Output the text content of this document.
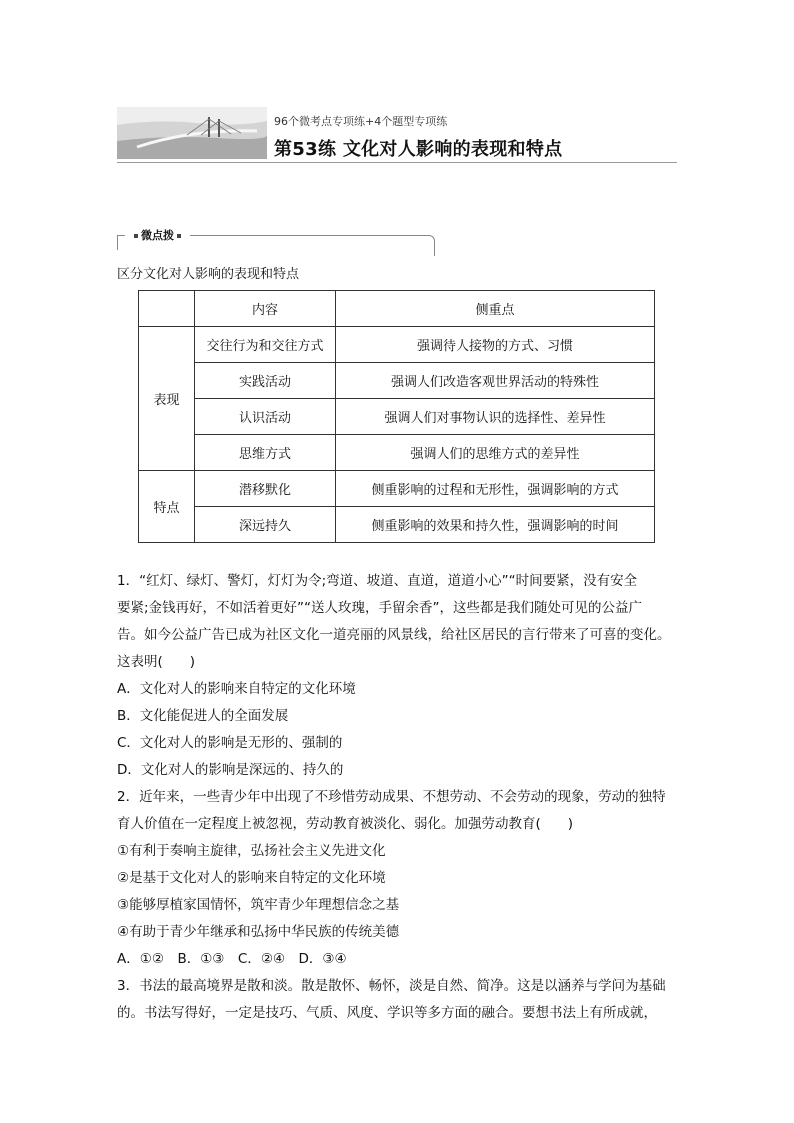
96个微考点专项练+4个题型专项练
第53练 文化对人影响的表现和特点
微点拨
区分文化对人影响的表现和特点
	内容	侧重点
表现	交往行为和交往方式	强调待人接物的方式、习惯
	实践活动	强调人们改造客观世界活动的特殊性
	认识活动	强调人们对事物认识的选择性、差异性
	思维方式	强调人们的思维方式的差异性
特点	潜移默化	侧重影响的过程和无形性，强调影响的方式
	深远持久	侧重影响的效果和持久性，强调影响的时间

1．“红灯、绿灯、警灯，灯灯为令;弯道、坡道、直道，道道小心”“时间要紧，没有安全

要紧;金钱再好，不如活着更好”“送人玫瑰，手留余香”，这些都是我们随处可见的公益广

告。如今公益广告已成为社区文化一道亮丽的风景线，给社区居民的言行带来了可喜的变化。

这表明(　　)

A．文化对人的影响来自特定的文化环境

B．文化能促进人的全面发展

C．文化对人的影响是无形的、强制的

D．文化对人的影响是深远的、持久的

2．近年来，一些青少年中出现了不珍惜劳动成果、不想劳动、不会劳动的现象，劳动的独特

育人价值在一定程度上被忽视，劳动教育被淡化、弱化。加强劳动教育(　　)

①有利于奏响主旋律，弘扬社会主义先进文化

②是基于文化对人的影响来自特定的文化环境

③能够厚植家国情怀，筑牢青少年理想信念之基

④有助于青少年继承和弘扬中华民族的传统美德

A．①②　B．①③　C．②④　D．③④

3．书法的最高境界是散和淡。散是散怀、畅怀，淡是自然、简净。这是以涵养与学问为基础

的。书法写得好，一定是技巧、气质、风度、学识等多方面的融合。要想书法上有所成就，
